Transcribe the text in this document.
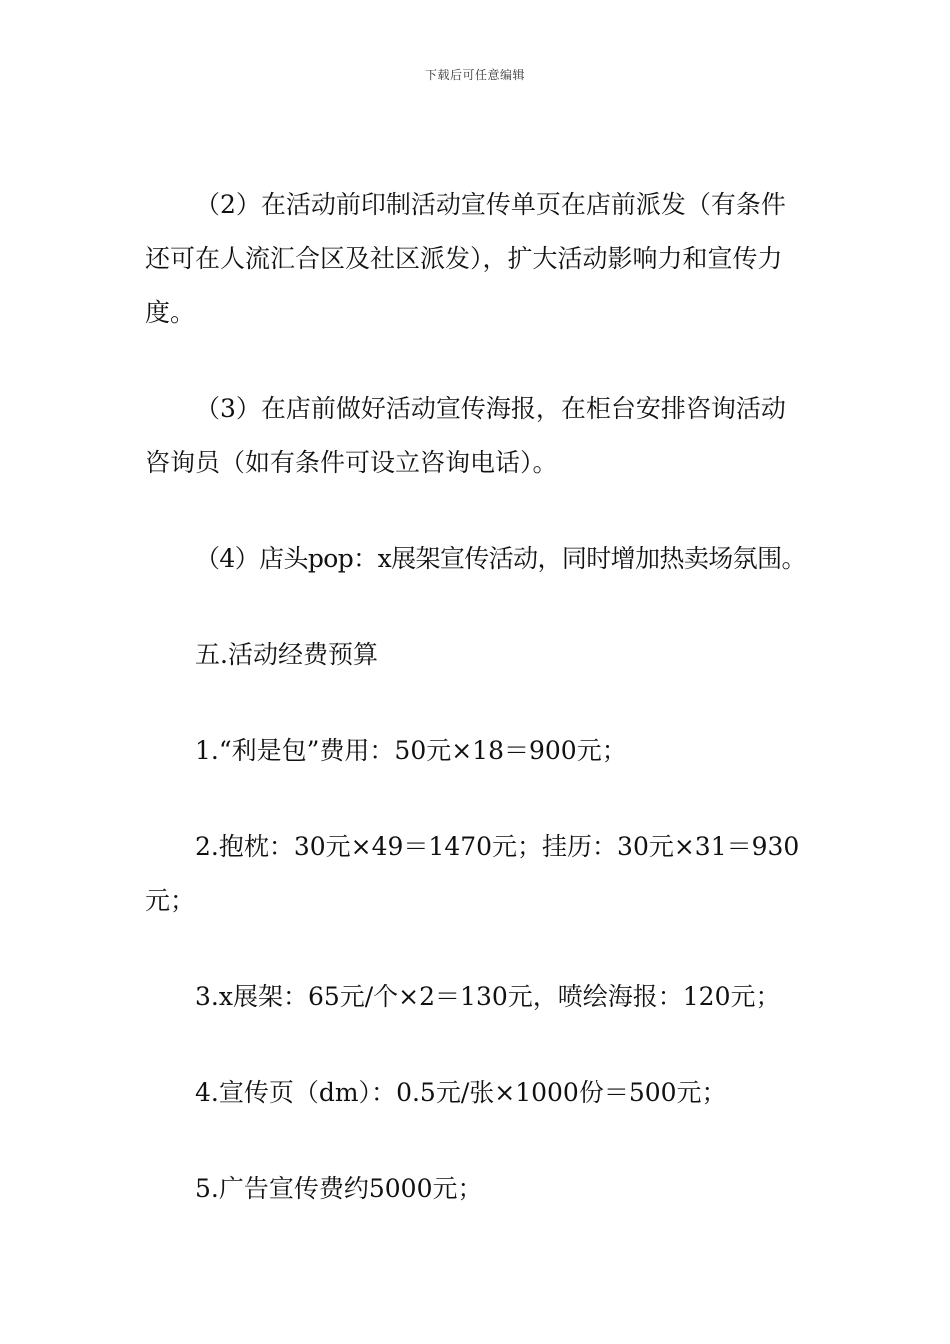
下载后可任意编辑

（2）在活动前印制活动宣传单页在店前派发（有条件还可在人流汇合区及社区派发），扩大活动影响力和宣传力度。

（3）在店前做好活动宣传海报，在柜台安排咨询活动咨询员（如有条件可设立咨询电话）。

（4）店头pop：x展架宣传活动，同时增加热卖场氛围。

五.活动经费预算

1.“利是包”费用：50元×18＝900元；

2.抱枕：30元×49＝1470元；挂历：30元×31＝930元；

3.x展架：65元/个×2＝130元，喷绘海报：120元；

4.宣传页（dm）：0.5元/张×1000份＝500元；

5.广告宣传费约5000元；
